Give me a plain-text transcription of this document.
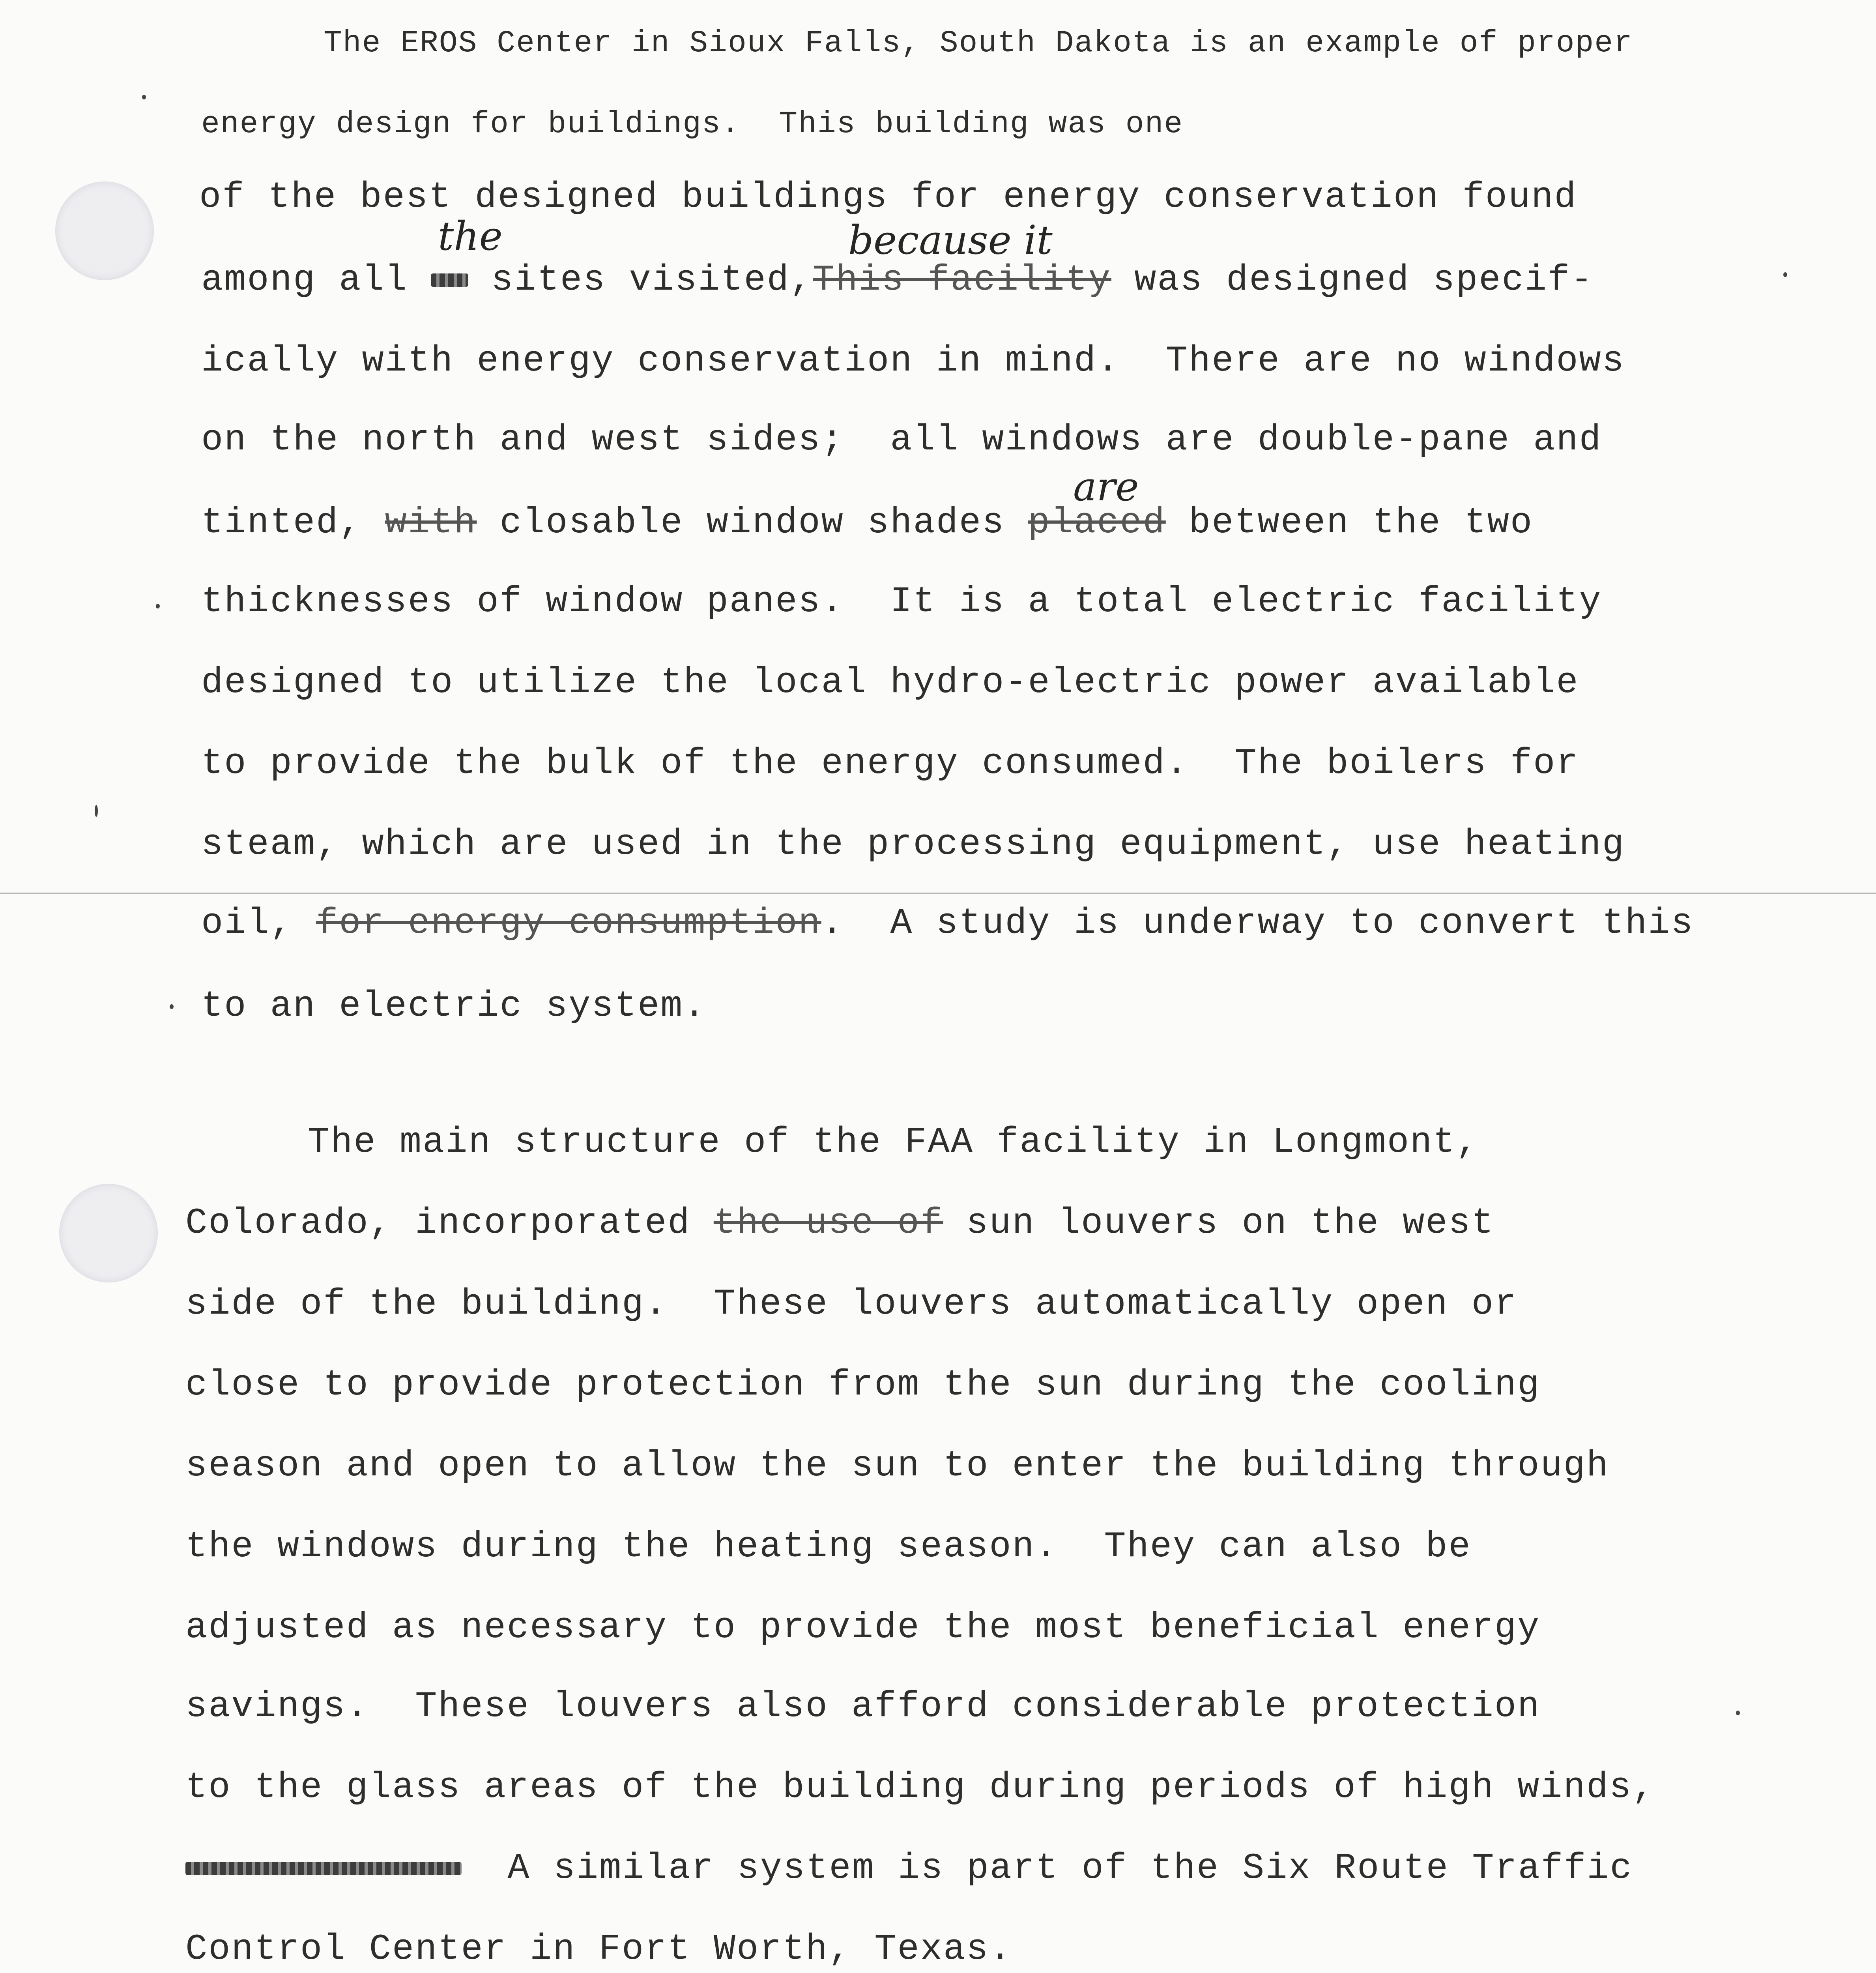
The EROS Center in Sioux Falls, South Dakota is an example of proper
energy design for buildings.  This building was one
of the best designed buildings for energy conservation found
among all  sites visited,This facility was designed specif-
the	because it
ically with energy conservation in mind.  There are no windows
on the north and west sides;  all windows are double-pane and
tinted, with closable window shades placed between the two
are
thicknesses of window panes.  It is a total electric facility
designed to utilize the local hydro-electric power available
to provide the bulk of the energy consumed.  The boilers for
steam, which are used in the processing equipment, use heating
oil, for energy consumption.  A study is underway to convert this
to an electric system.
The main structure of the FAA facility in Longmont,
Colorado, incorporated the use of sun louvers on the west
side of the building.  These louvers automatically open or
close to provide protection from the sun during the cooling
season and open to allow the sun to enter the building through
the windows during the heating season.  They can also be
adjusted as necessary to provide the most beneficial energy
savings.  These louvers also afford considerable protection
to the glass areas of the building during periods of high winds,
A similar system is part of the Six Route Traffic
Control Center in Fort Worth, Texas.
